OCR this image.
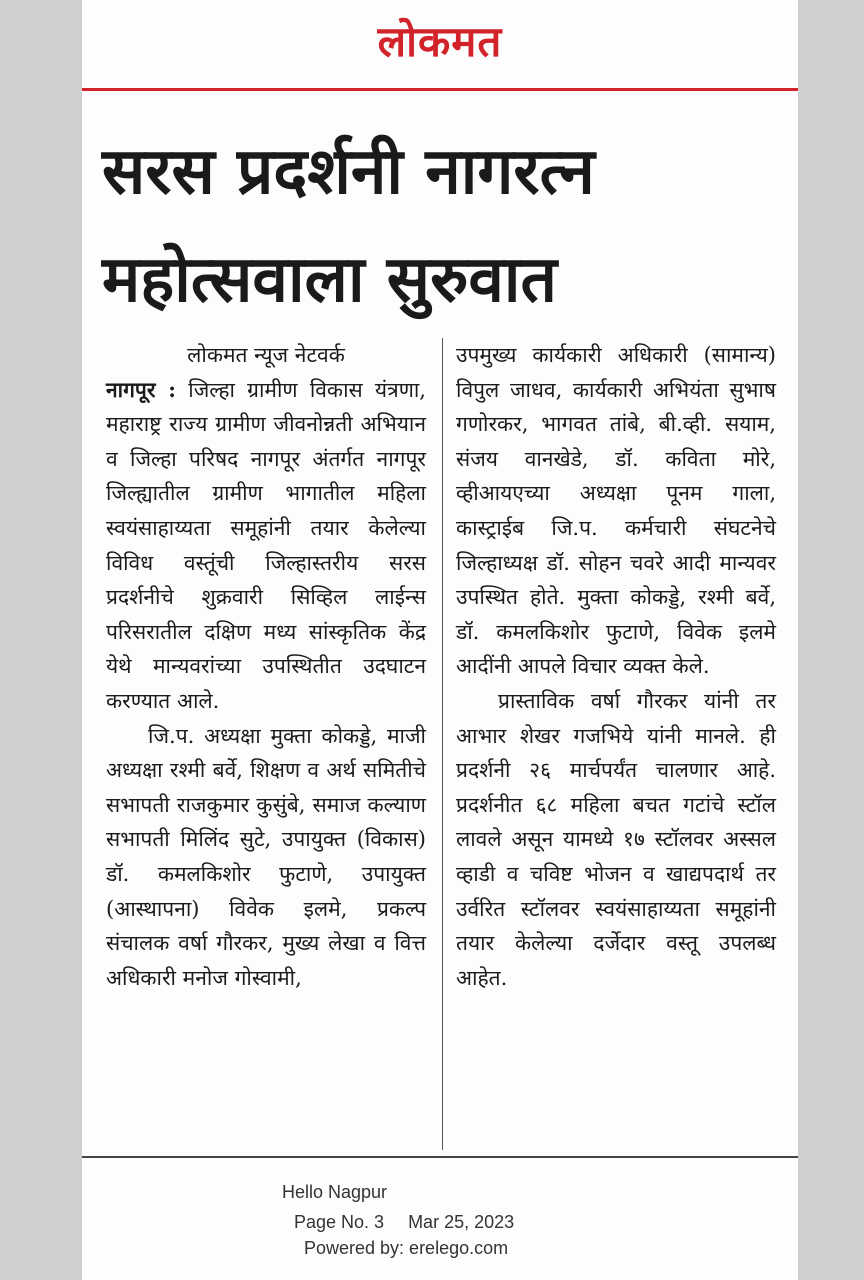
लोकमत
सरस प्रदर्शनी नागरत्न
महोत्सवाला सुरुवात
लोकमत न्यूज नेटवर्क

नागपूर : जिल्हा ग्रामीण विकास यंत्रणा, महाराष्ट्र राज्य ग्रामीण जीवनोन्नती अभियान व जिल्हा परिषद नागपूर अंतर्गत नागपूर जिल्ह्यातील ग्रामीण भागातील महिला स्वयंसाहाय्यता समूहांनी तयार केलेल्या विविध वस्तूंची जिल्हास्तरीय सरस प्रदर्शनीचे शुक्रवारी सिव्हिल लाईन्स परिसरातील दक्षिण मध्य सांस्कृतिक केंद्र येथे मान्यवरांच्या उपस्थितीत उदघाटन करण्यात आले.

जि.प. अध्यक्षा मुक्ता कोकड्डे, माजी अध्यक्षा रश्मी बर्वे, शिक्षण व अर्थ समितीचे सभापती राजकुमार कुसुंबे, समाज कल्याण सभापती मिलिंद सुटे, उपायुक्त (विकास) डॉ. कमलकिशोर फुटाणे, उपायुक्त (आस्थापना) विवेक इलमे, प्रकल्प संचालक वर्षा गौरकर, मुख्य लेखा व वित्त अधिकारी मनोज गोस्वामी,

उपमुख्य कार्यकारी अधिकारी (सामान्य) विपुल जाधव, कार्यकारी अभियंता सुभाष गणोरकर, भागवत तांबे, बी.व्ही. सयाम, संजय वानखेडे, डॉ. कविता मोरे, व्हीआयएच्या अध्यक्षा पूनम गाला, कास्ट्राईब जि.प. कर्मचारी संघटनेचे जिल्हाध्यक्ष डॉ. सोहन चवरे आदी मान्यवर उपस्थित होते. मुक्ता कोकड्डे, रश्मी बर्वे, डॉ. कमलकिशोर फुटाणे, विवेक इलमे आदींनी आपले विचार व्यक्त केले.

प्रास्ताविक वर्षा गौरकर यांनी तर आभार शेखर गजभिये यांनी मानले. ही प्रदर्शनी २६ मार्चपर्यंत चालणार आहे. प्रदर्शनीत ६८ महिला बचत गटांचे स्टॉल लावले असून यामध्ये १७ स्टॉलवर अस्सल व्हाडी व चविष्ट भोजन व खाद्यपदार्थ तर उर्वरित स्टॉलवर स्वयंसाहाय्यता समूहांनी तयार केलेल्या दर्जेदार वस्तू उपलब्ध आहेत.

Hello Nagpur
Page No. 3 Mar 25, 2023
Powered by: erelego.com
